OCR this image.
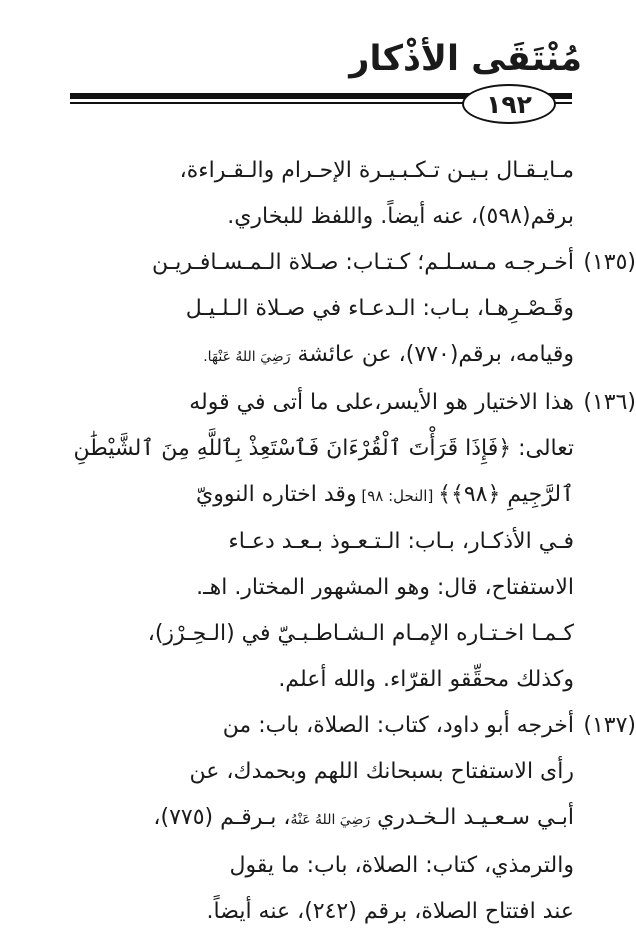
مُنْتَقَى الأذْكار
١٩٢

مـايـقـال بـيـن تـكـبـيـرة الإحـرام والـقـراءة،

برقم(٥٩٨)، عنه أيضاً. واللفظ للبخاري.

(١٣٥)

أخـرجـه مـسـلـم؛ كـتـاب: صـلاة الـمـسـافـريـن

وقَـصْـرِهـا، بـاب: الـدعـاء في صـلاة الـلـيـل

وقيامه، برقم(٧٧٠)، عن عائشة رَضِيَ اللهُ عَنْهَا.

(١٣٦)

هذا الاختيار هو الأيسر،على ما أتى في قوله

تعالى: ﴿فَإِذَا قَرَأْتَ ٱلْقُرْءَانَ فَٱسْتَعِذْ بِٱللَّهِ مِنَ ٱلشَّيْطَٰنِ

ٱلرَّجِيمِ ﴿٩٨﴾﴾ [النحل: ٩٨] وقد اختاره النوويّ

فـي الأذكـار، بـاب: الـتـعـوذ بـعـد دعـاء

الاستفتاح، قال: وهو المشهور المختار. اهـ.

كـمـا اخـتـاره الإمـام الـشـاطـبـيّ في (الـحِـرْز)،

وكذلك محقِّقو القرّاء. والله أعلم.

(١٣٧)

أخرجه أبو داود، كتاب: الصلاة، باب: من

رأى الاستفتاح بسبحانك اللهم وبحمدك، عن

أبـي سـعـيـد الـخـدري رَضِيَ اللهُ عَنْهُ، بـرقـم (٧٧٥)،

والترمذي، كتاب: الصلاة، باب: ما يقول

عند افتتاح الصلاة، برقم (٢٤٢)، عنه أيضاً.
